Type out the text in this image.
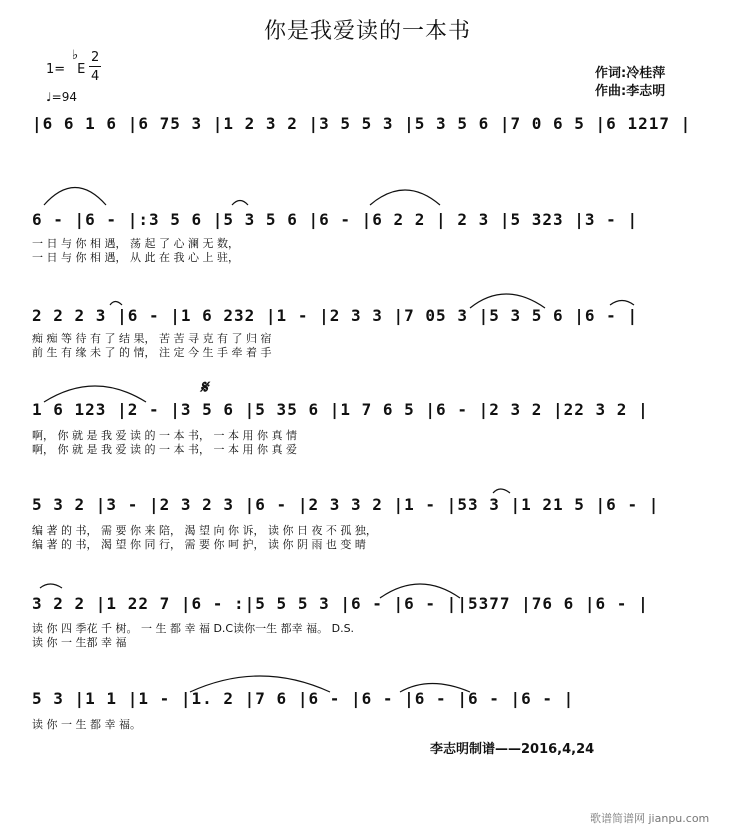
你是我爱读的一本书
1= E
♭ 2
4
♩=94
作词:冷桂萍
作曲:李志明
|6 6 1 6 |6 75 3 |1 2 3 2 |3 5 5 3 |5 3 5 6 |7 0 6 5 |6 1217 |
6 - |6 - |:3 5 6 |5 3 5 6 |6 - |6 2 2 | 2 3 |5 323 |3 - |
一 日 与 你 相 遇， 荡 起 了 心 澜 无 数，
一 日 与 你 相 遇， 从 此 在 我 心 上 驻，
2 2 2 3 |6 - |1 6 232 |1 - |2 3 3 |7 05 3 |5 3 5 6 |6 - |
痴 痴 等 待 有 了 结 果， 苦 苦 寻 克 有 了 归 宿
前 生 有 缘 未 了 的 情， 注 定 今 生 手 牵 着 手
𝄋
1 6 123 |2 - |3 5 6 |5 35 6 |1 7 6 5 |6 - |2 3 2 |22 3 2 |
啊， 你 就 是 我 爱 读 的 一 本 书， 一 本 用 你 真 情
啊， 你 就 是 我 爱 读 的 一 本 书， 一 本 用 你 真 爱
5 3 2 |3 - |2 3 2 3 |6 - |2 3 3 2 |1 - |53 3 |1 21 5 |6 - |
编 著 的 书， 需 要 你 来 陪， 渴 望 向 你 诉， 读 你 日 夜 不 孤 独，
编 著 的 书， 渴 望 你 同 行， 需 要 你 呵 护， 读 你 阴 雨 也 变 晴
3 2 2 |1 22 7 |6 - :|5 5 5 3 |6 - |6 - ||5377 |76 6 |6 - |
读 你 四 季花 千 树。 一 生 都 幸 福 D.C读你一生 都幸 福。 D.S.
读 你 一 生都 幸 福
5 3 |1 1 |1 - |1. 2 |7 6 |6 - |6 - |6 - |6 - |6 - |
读 你 一 生 都 幸 福。
李志明制谱——2016,4,24
歌谱简谱网 jianpu.com
